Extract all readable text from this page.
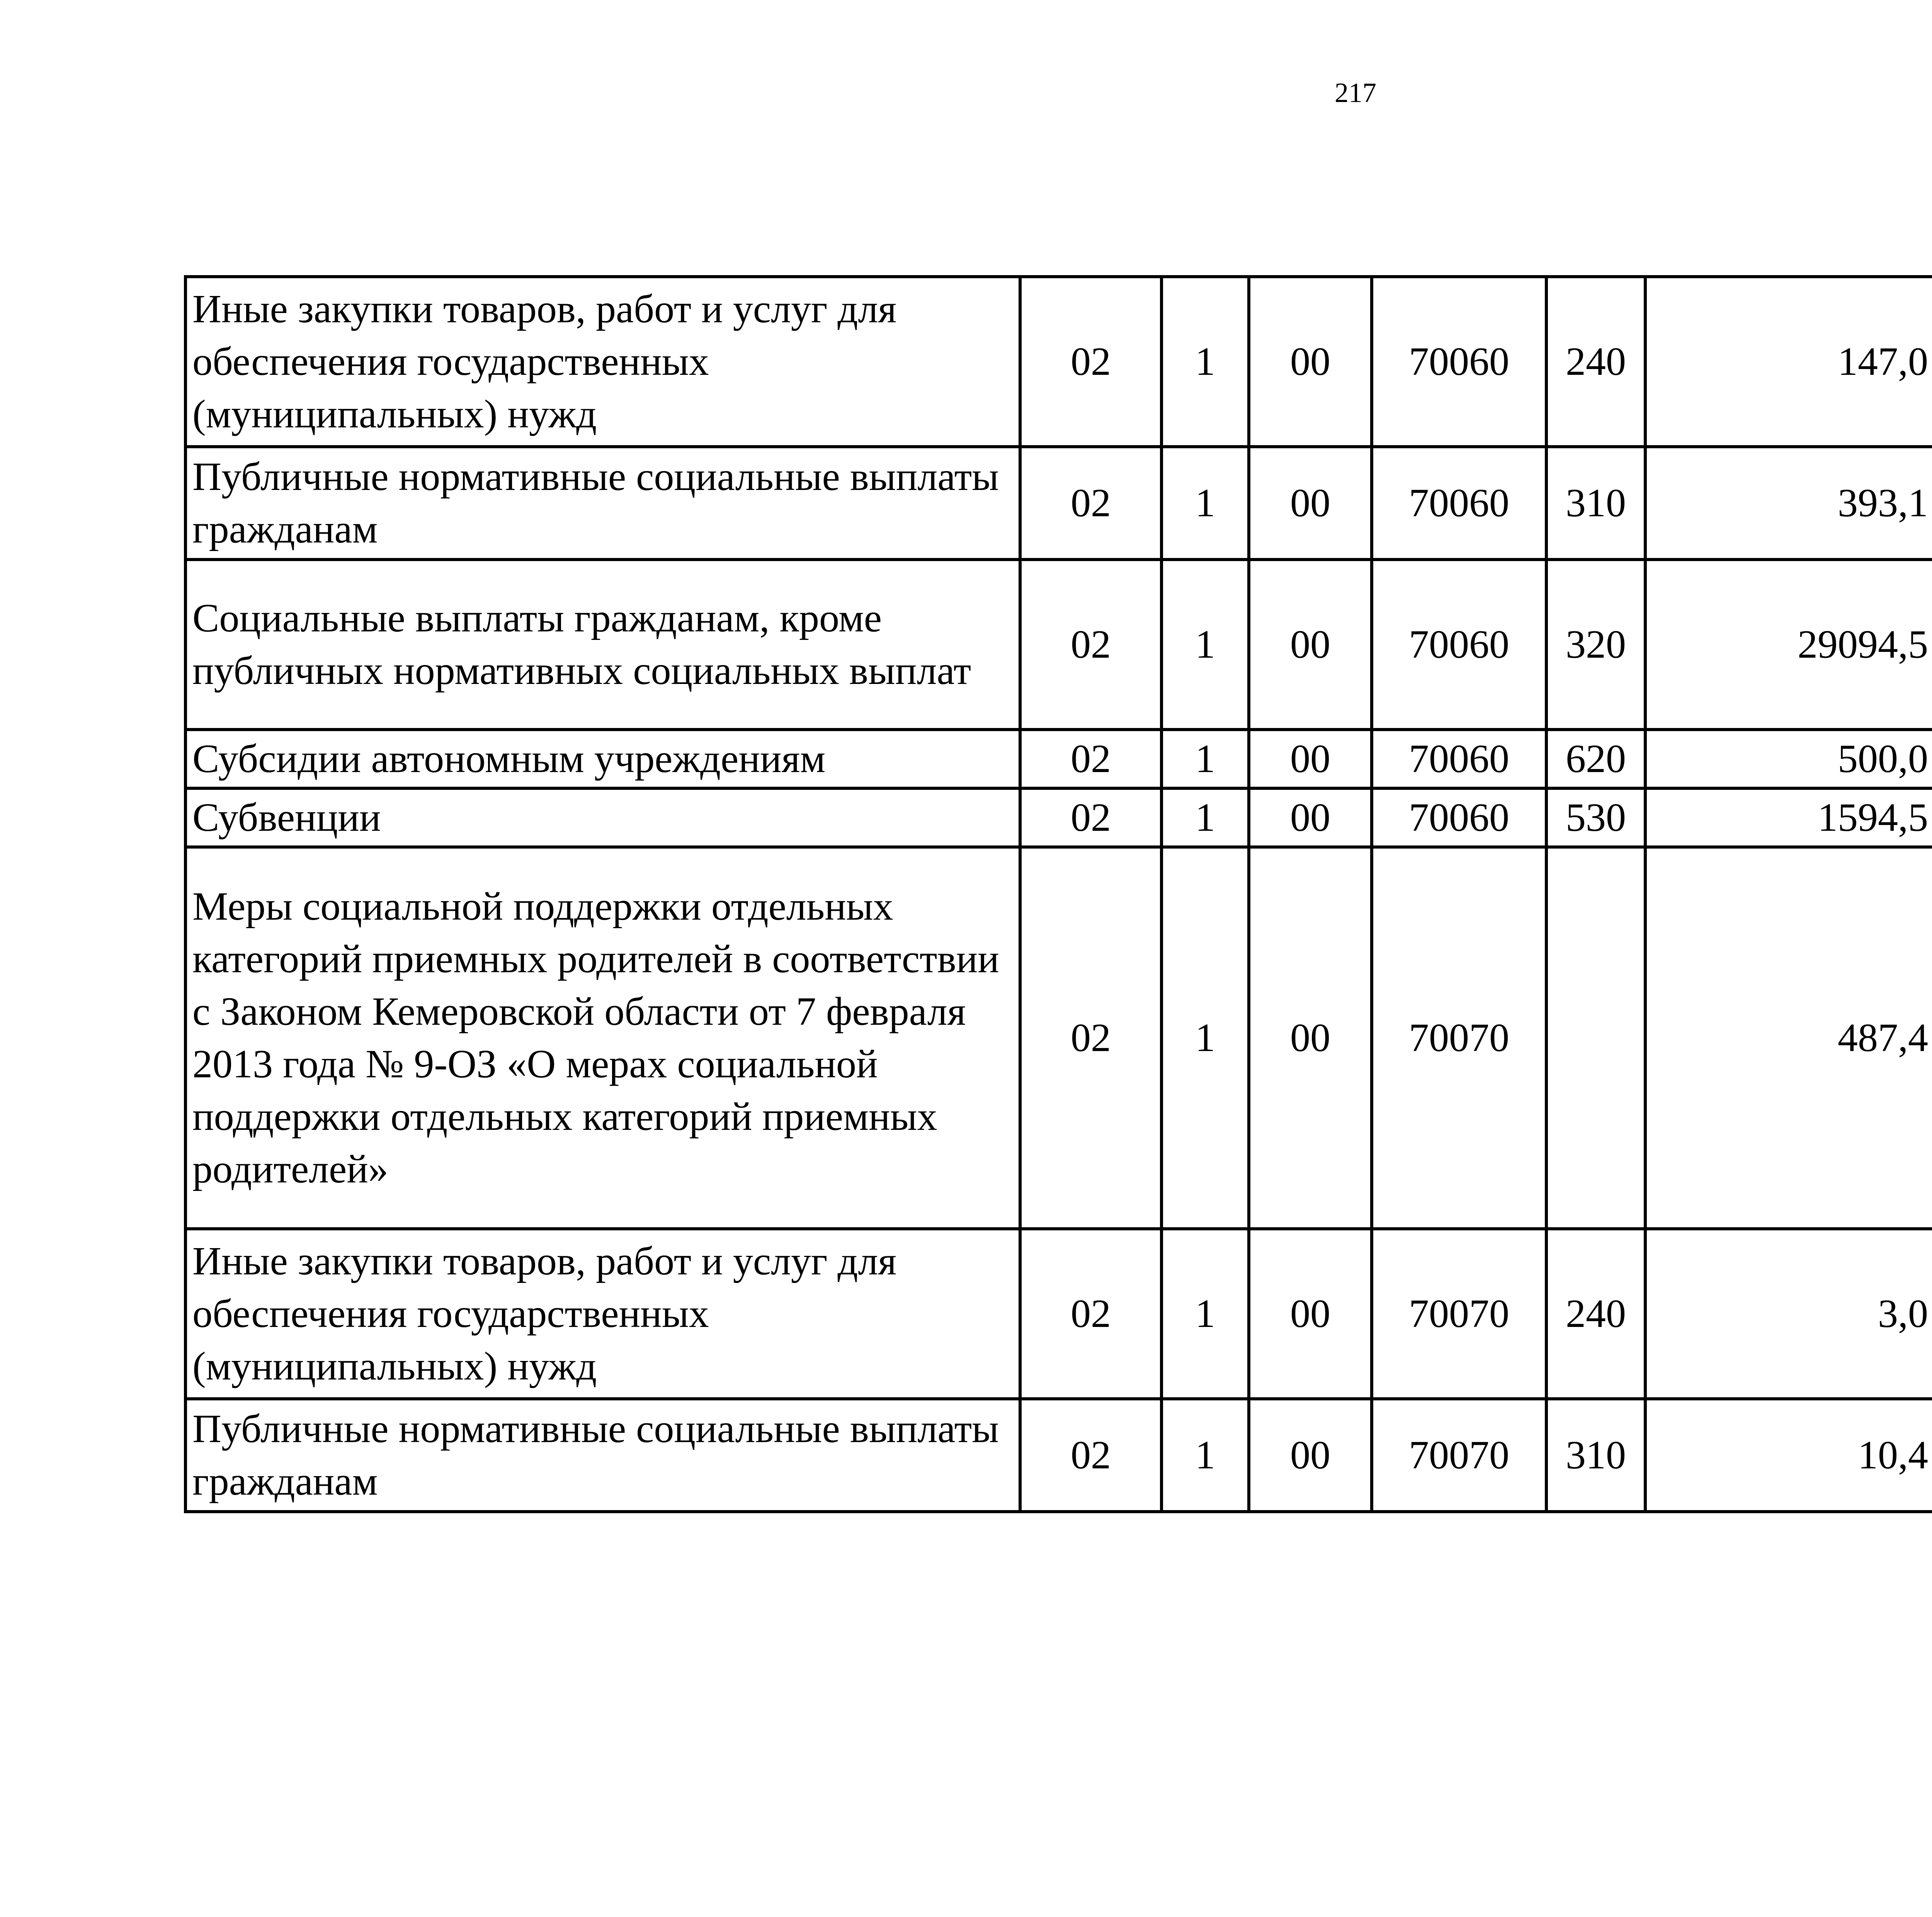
217
Иные закупки товаров, работ и услуг для обеспечения государственных (муниципальных) нужд	02	1	00	70060	240	147,0		
Публичные нормативные социальные выплаты гражданам	02	1	00	70060	310	393,1		
Социальные выплаты гражданам, кроме публичных нормативных социальных выплат	02	1	00	70060	320	29094,5		
Субсидии автономным учреждениям	02	1	00	70060	620	500,0		
Субвенции	02	1	00	70060	530	1594,5		
Меры социальной поддержки отдельных категорий приемных родителей в соответствии с Законом Кемеровской области от 7 февраля 2013 года № 9-ОЗ «О мерах социальной поддержки отдельных категорий приемных родителей»	02	1	00	70070		487,4		
Иные закупки товаров, работ и услуг для обеспечения государственных (муниципальных) нужд	02	1	00	70070	240	3,0		
Публичные нормативные социальные выплаты гражданам	02	1	00	70070	310	10,4		
